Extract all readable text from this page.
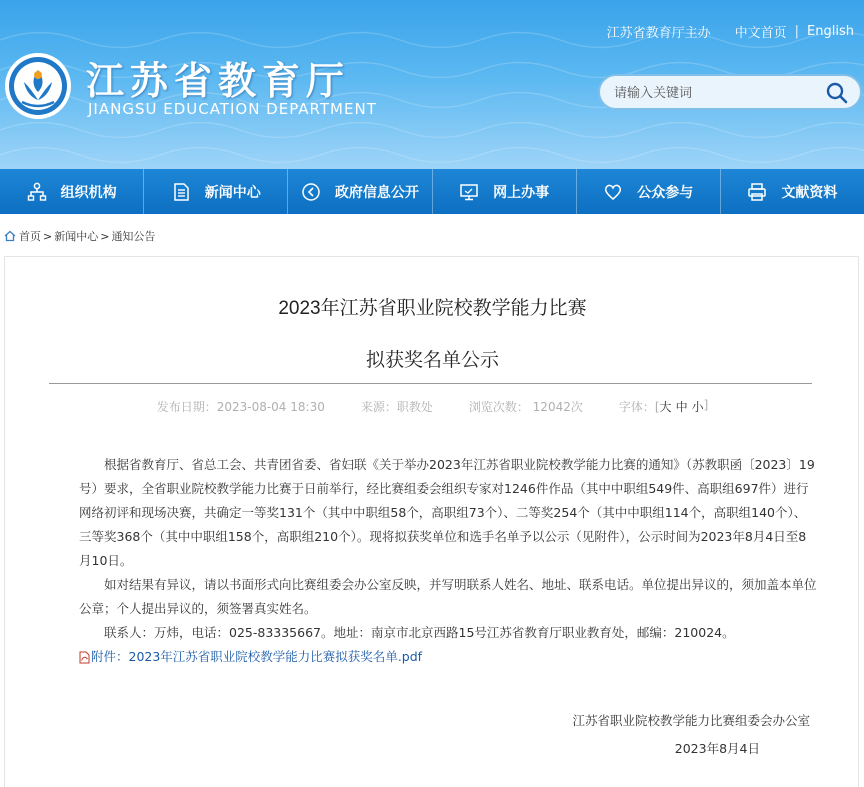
江苏省教育厅
JIANGSU EDUCATION DEPARTMENT
江苏省教育厅主办 中文首页 | English
请输入关键词
组织机构	新闻中心	政府信息公开	网上办事	公众参与	文献资料
首页 > 新闻中心 > 通知公告
2023年江苏省职业院校教学能力比赛
拟获奖名单公示
发布日期：2023-08-04 18:30	来源：职教处	浏览次数： 12042次	字体：[ 大 中 小 ]

　　根据省教育厅、省总工会、共青团省委、省妇联《关于举办2023年江苏省职业院校教学能力比赛的通知》（苏教职函〔2023〕19号）要求，全省职业院校教学能力比赛于日前举行，经比赛组委会组织专家对1246件作品（其中中职组549件、高职组697件）进行网络初评和现场决赛，共确定一等奖131个（其中中职组58个，高职组73个）、二等奖254个（其中中职组114个，高职组140个）、三等奖368个（其中中职组158个，高职组210个）。现将拟获奖单位和选手名单予以公示（见附件），公示时间为2023年8月4日至8月10日。

　　如对结果有异议，请以书面形式向比赛组委会办公室反映，并写明联系人姓名、地址、联系电话。单位提出异议的，须加盖本单位公章；个人提出异议的，须签署真实姓名。

　　联系人：万炜，电话：025-83335667。地址：南京市北京西路15号江苏省教育厅职业教育处，邮编：210024。

附件：2023年江苏省职业院校教学能力比赛拟获奖名单.pdf
江苏省职业院校教学能力比赛组委会办公室
2023年8月4日
